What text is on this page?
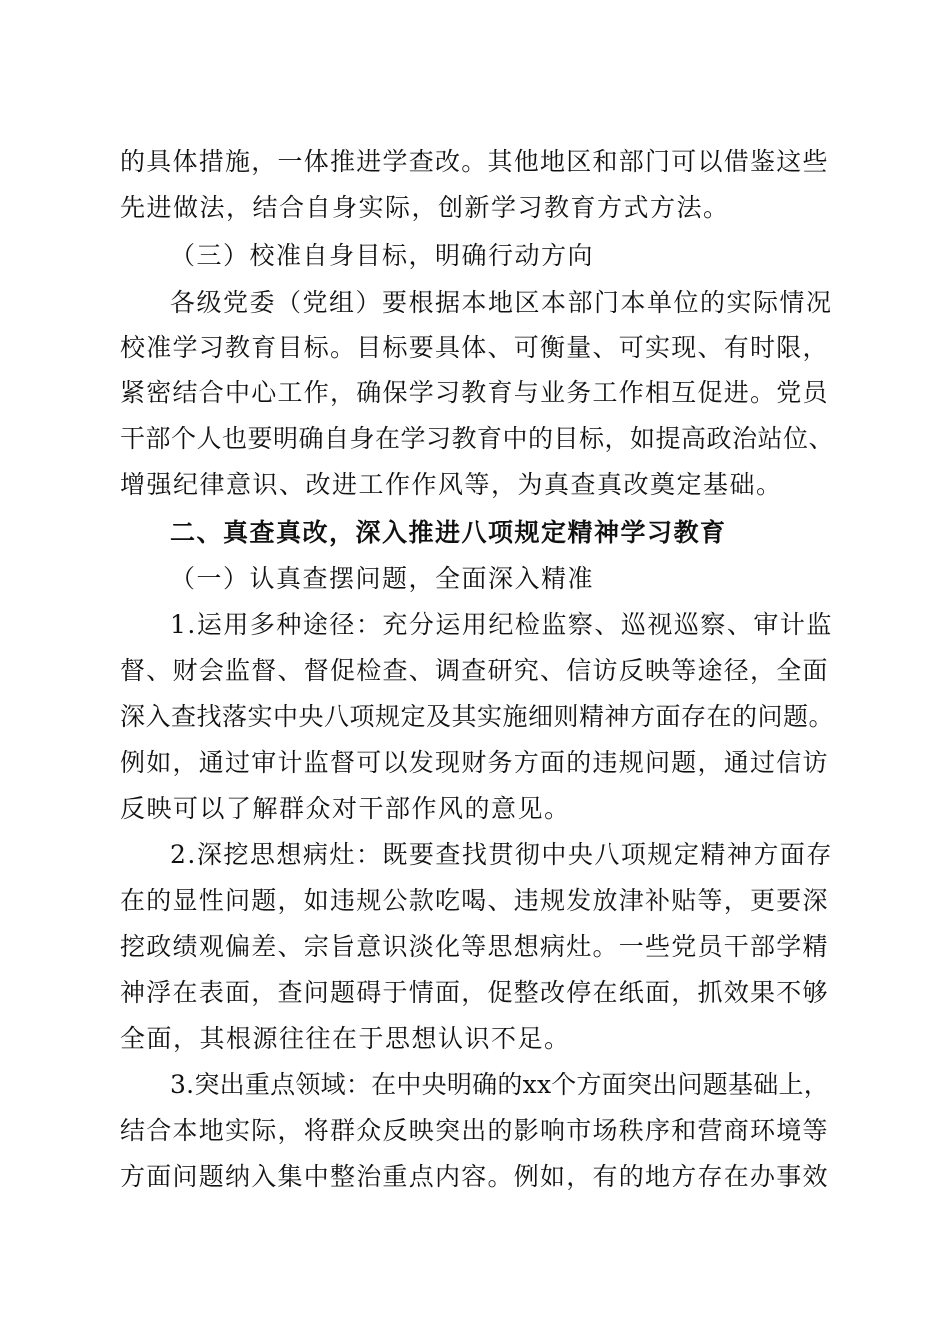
的具体措施，一体推进学查改。其他地区和部门可以借鉴这些
先进做法，结合自身实际，创新学习教育方式方法。
（三）校准自身目标，明确行动方向
各级党委（党组）要根据本地区本部门本单位的实际情况
校准学习教育目标。目标要具体、可衡量、可实现、有时限，
紧密结合中心工作，确保学习教育与业务工作相互促进。党员
干部个人也要明确自身在学习教育中的目标，如提高政治站位、
增强纪律意识、改进工作作风等，为真查真改奠定基础。
二、真查真改，深入推进八项规定精神学习教育
（一）认真查摆问题，全面深入精准
1.运用多种途径：充分运用纪检监察、巡视巡察、审计监
督、财会监督、督促检查、调查研究、信访反映等途径，全面
深入查找落实中央八项规定及其实施细则精神方面存在的问题。
例如，通过审计监督可以发现财务方面的违规问题，通过信访
反映可以了解群众对干部作风的意见。
2.深挖思想病灶：既要查找贯彻中央八项规定精神方面存
在的显性问题，如违规公款吃喝、违规发放津补贴等，更要深
挖政绩观偏差、宗旨意识淡化等思想病灶。一些党员干部学精
神浮在表面，查问题碍于情面，促整改停在纸面，抓效果不够
全面，其根源往往在于思想认识不足。
3.突出重点领域：在中央明确的xx个方面突出问题基础上，
结合本地实际，将群众反映突出的影响市场秩序和营商环境等
方面问题纳入集中整治重点内容。例如，有的地方存在办事效
